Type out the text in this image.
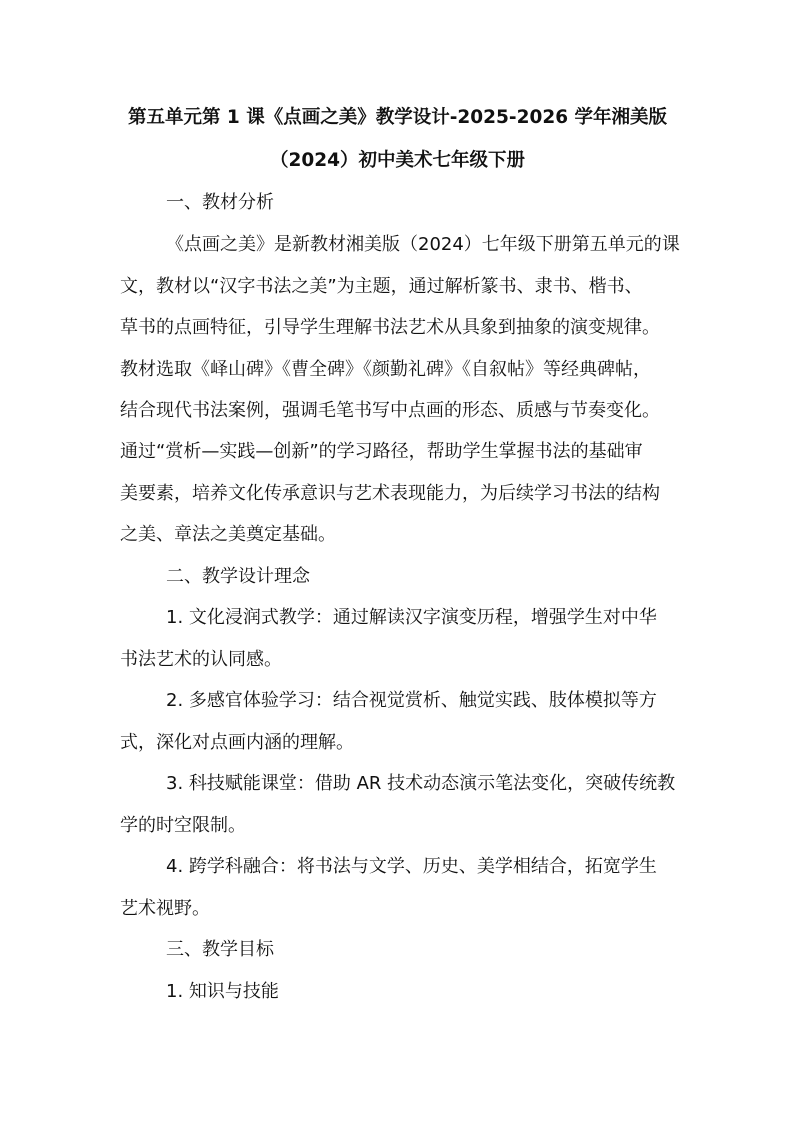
第五单元第 1 课《点画之美》教学设计-2025-2026 学年湘美版
（2024）初中美术七年级下册
一、教材分析
《点画之美》是新教材湘美版（2024）七年级下册第五单元的课
文，教材以“汉字书法之美”为主题，通过解析篆书、隶书、楷书、
草书的点画特征，引导学生理解书法艺术从具象到抽象的演变规律。
教材选取《峄山碑》《曹全碑》《颜勤礼碑》《自叙帖》等经典碑帖，
结合现代书法案例，强调毛笔书写中点画的形态、质感与节奏变化。
通过“赏析—实践—创新”的学习路径，帮助学生掌握书法的基础审
美要素，培养文化传承意识与艺术表现能力，为后续学习书法的结构
之美、章法之美奠定基础。
二、教学设计理念
1. 文化浸润式教学：通过解读汉字演变历程，增强学生对中华
书法艺术的认同感。
2. 多感官体验学习：结合视觉赏析、触觉实践、肢体模拟等方
式，深化对点画内涵的理解。
3. 科技赋能课堂：借助 AR 技术动态演示笔法变化，突破传统教
学的时空限制。
4. 跨学科融合：将书法与文学、历史、美学相结合，拓宽学生
艺术视野。
三、教学目标
1. 知识与技能
